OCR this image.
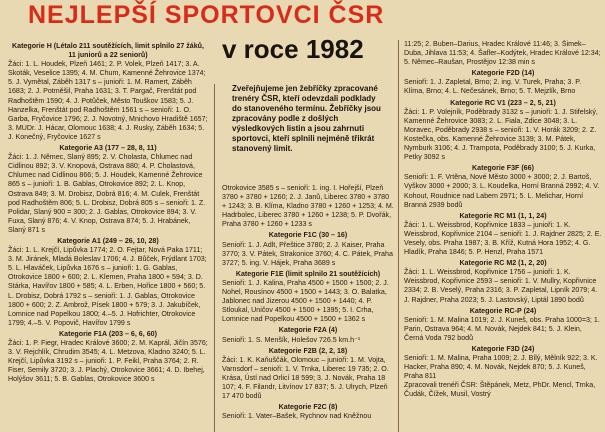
NEJLEPŠÍ SPORTOVCI ČSR
v roce 1982

Kategorie H (Létalo 211 soutěžících, limit splnilo 27 žáků, 11 juniorů a 22 seniorů)

Žáci: 1. L. Houdek, Plzeň 1461; 2. P. Volek, Plzeň 1417; 3. A. Skoták, Veselice 1395; 4. M. Chum, Kamenné Žehrovice 1374; 5. J. Vymětal, Záběh 1317 s – junioři: 1. M. Ramert, Záběh 1683; 2. J. Potměšil, Praha 1631; 3. T. Pargač, Frenštát pod Radhoštěm 1590; 4. J. Potůček, Město Touškov 1583; 5. J. Hanzelka, Frenštát pod Radhoštěm 1561 s – senioři: 1. O. Garba, Fryčovice 1796; 2. J. Novotný, Mnichovo Hradiště 1657; 3. MUDr. J. Hácar, Olomouc 1638; 4. J. Rusky, Záběh 1634; 5. J. Konečný, Fryčovice 1627 s

Kategorie A3 (177 – 28, 8, 11)

Žáci: 1. J. Němec, Slaný 895; 2. V. Cholasta, Chlumec nad Cidlinou 892; 3. V. Knopová, Ostrava 880; 4. P. Cholastová, Chlumec nad Cidlinou 866; 5. J. Houdek, Kamenné Žehrovice 865 s – junioři: 1. B. Gablas, Otrokovice 892; 2. L. Knop, Ostrava 849; 3. M. Drobisz, Dobrá 816; 4. M. Culek, Frenštát pod Radhoštěm 806; 5. L. Drobisz, Dobrá 805 s – senioři: 1. Z. Polidar, Slaný 900 = 300; 2. J. Gablas, Otrokovice 894; 3. V. Fuxa, Slaný 876; 4. V. Knop, Ostrava 874; 5. J. Hrabánek, Slaný 871 s

Kategorie A1 (249 – 26, 10, 28)

Žáci: 1. L. Krejčí, Lipůvka 1774; 2. O. Fejtar, Nová Paka 1711; 3. M. Jiránek, Mladá Boleslav 1706; 4. J. Bůček, Frýdlant 1703; 5. L. Hlaváček, Lipůvka 1676 s – junioři: 1. G. Gablas, Otrokovice 1800 + 600; 2. L. Klemen, Praha 1800 + 594; 3. D. Stárka, Havířov 1800 + 585; 4. L. Erben, Hořice 1800 + 560; 5. L. Drobisz, Dobrá 1792 s – senioři: 1. J. Gablas, Otrokovice 1800 + 600; 2. Z. Ambrož, Písek 1800 + 579; 3. J. Jakubíček, Lomnice nad Popelkou 1800; 4.–5. J. Hofrichter, Otrokovice 1799; 4.–5. V. Popovič, Havířov 1799 s

Kategorie F1A (203 – 6, 6, 60)

Žáci: 1. P. Fiegr, Hradec Králové 3600; 2. M. Kaprál, Jičín 3576; 3. V. Rejchlík, Chrudim 3545; 4. L. Metzova, Kladno 3240; 5. L. Krejčí, Lipůvka 3192 s – junioři: 1. P. Feikl, Praha 3764; 2. R. Fiser, Semily 3720; 3. J. Plachý, Otrokovice 3661; 4. D. Ibehej, Holýšov 3611; 5. B. Gablas, Otrokovice 3600 s

Zveřejňujeme jen žebříčky zpracované trenéry ČSR, kteří odevzdali podklady do stanoveného termínu. Žebříčky jsou zpracovány podle z došlých výsledkových listin a jsou zahrnuti sportovci, kteří splnili nejméně třikrát stanovený limit.

Otrokovice 3585 s – senioři: 1. ing. I. Hořejší, Plzeň 3780 + 3780 + 1260; 2. J. Janů, Liberec 3780 + 3780 + 1243; 3. B. Klíma, Kladno 3780 + 1260 + 1253; 4. M. Hadrbolec, Liberec 3780 + 1260 + 1238; 5. P. Dvořák, Praha 3780 + 1260 + 1233 s

Kategorie F1C (30 – 16)

Senioři: 1. J. Adlt, Přeštice 3780; 2. J. Kaiser, Praha 3770; 3. V. Pátek, Strakonice 3760; 4. C. Pátek, Praha 3727; 5. ing. V. Hájek, Praha 3689 s

Kategorie F1E (limit splnilo 21 soutěžících)

Senioři: 1. J. Kalina, Praha 4500 + 1500 + 1500; 2. J. Nohel, Rousínov 4500 + 1500 + 1443; 3. O. Balatka, Jablonec nad Jizerou 4500 + 1500 + 1440; 4. P. Stloukal, Uničov 4500 + 1500 + 1395; 5. I. Crha, Lomnice nad Popelkou 4500 + 1500 + 1362 s

Kategorie F2A (4)

Senioři: 1. S. Menšík, Holešov 726.5 km.h⁻¹

Kategorie F2B (2, 2, 18)

Žáci: 1. K. Kaňuščák, Olomouc – junioři: 1. M. Vojta, Varnsdorf – senioři: 1. V. Trnka, Liberec 19 735; 2. O. Krása, Ústí nad Orlicí 18 599; 3. J. Novák, Praha 18 107; 4. F. Filandr, Litvínov 17 837; 5. J. Ulrych, Plzeň 17 470 bodů

Kategorie F2C (8)

Senioři: 1. Vater–Bašek, Rychnov nad Kněžnou

11:25; 2. Buben–Darius, Hradec Králové 11:46; 3. Šimek–Duba, Jihlava 11:53; 4. Šafler–Kodýtek, Hradec Králové 12:34; 5. Němec–Raušan, Prostějov 12:38 min s

Kategorie F2D (14)

Senioři: 1. J. Zapletal, Brno; 2. ing. V. Turek, Praha; 3. P. Klíma, Brno; 4. L. Nečesánek, Brno; 5. T. Mejzlík, Brno

Kategorie RC V1 (223 – 2, 5, 21)

Žáci: 1. P. Volejník, Poděbrady 3132 s – junioři: 1. J. Stifelský, Kamenné Žehrovice 3083; 2. L. Fiala, Zdice 3048; 3. L. Moravec, Poděbrady 2938 s – senioři: 1. V. Horák 3209; 2. Z. Kostečka, obs. Kamenné Žehrovice 3139; 3. M. Pátek, Nymburk 3106; 4. J. Trampota, Poděbrady 3100; 5. J. Kurka, Petky 3092 s

Kategorie F3F (66)

Senioři: 1. F. Vrtěna, Nové Město 3000 + 3000; 2. J. Bartoš, Vyškov 3000 + 2000; 3. L. Koudelka, Horní Branná 2992; 4. V. Kohout, Roudnice nad Labem 2971; 5. L. Melichar, Horní Branná 2939 bodů

Kategorie RC M1 (1, 1, 24)

Žáci: 1. L. Weissbrod, Kopřivnice 1833 – junioři: 1. K. Weissbrod, Kopřivnice 2104 – senioři: 1. J. Rajdner 2825; 2. E. Vesely, obs. Praha 1987; 3. B. Kříž, Kutná Hora 1952; 4. G. Hladík, Praha 1846; 5. P. Henzl, Praha 1571

Kategorie RC M2 (1, 2, 20)

Žáci: 1. L. Weissbrod, Kopřivnice 1756 – junioři: 1. K. Weissbrod, Kopřivnice 2593 – senioři: 1. V. Mullry, Kopřivnice 2334; 2. B. Veselý, Praha 2316; 3. P. Zapletal, Lipník 2079; 4. J. Rajdner, Praha 2023; 5. J. Lastovský, Liptál 1890 bodů

Kategorie RC-P (24)

Senioři: 1. M. Malina 1019; 2. J. Kuneš, obs. Praha 1000=3; 1. Parin, Ostrava 964; 4. M. Novák, Nejdek 841; 5. J. Klein, Černá Voda 792 bodů

Kategorie F3D (24)

Senioři: 1. M. Malina, Praha 1009; 2. J. Bílý, Mělník 922; 3. K. Hacker, Praha 890; 4. M. Novák, Nejdek 870; 5. J. Kuneš, Praha 811

Zpracovali trenéři ČSR: Štěpánek, Metz, PhDr. Mencl, Trnka, Čudák, Čížek, Musil, Vostrý
